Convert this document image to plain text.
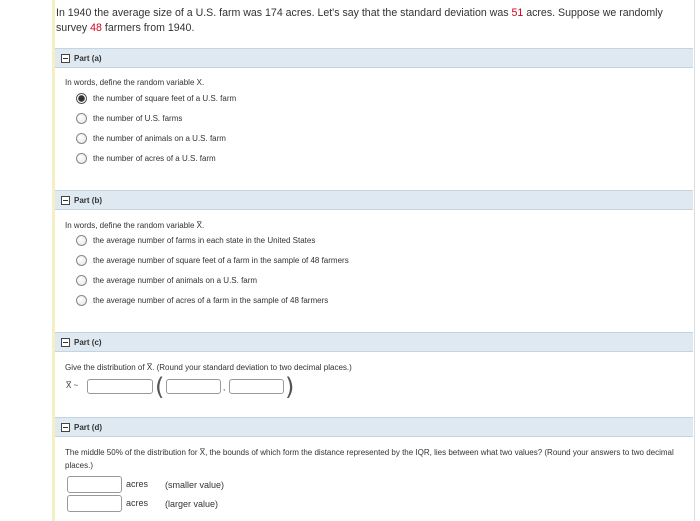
In 1940 the average size of a U.S. farm was 174 acres. Let's say that the standard deviation was 51 acres. Suppose we randomly survey 48 farmers from 1940.
Part (a)
In words, define the random variable X.
the number of square feet of a U.S. farm
the number of U.S. farms
the number of animals on a U.S. farm
the number of acres of a U.S. farm
Part (b)
In words, define the random variable X̅.
the average number of farms in each state in the United States
the average number of square feet of a farm in the sample of 48 farmers
the average number of animals on a U.S. farm
the average number of acres of a farm in the sample of 48 farmers
Part (c)
Give the distribution of X̅. (Round your standard deviation to two decimal places.)
X̅ ~	(	, )
Part (d)
The middle 50% of the distribution for X̅, the bounds of which form the distance represented by the IQR, lies between what two values? (Round your answers to two decimal places.)
acres (smaller value)
acres (larger value)
